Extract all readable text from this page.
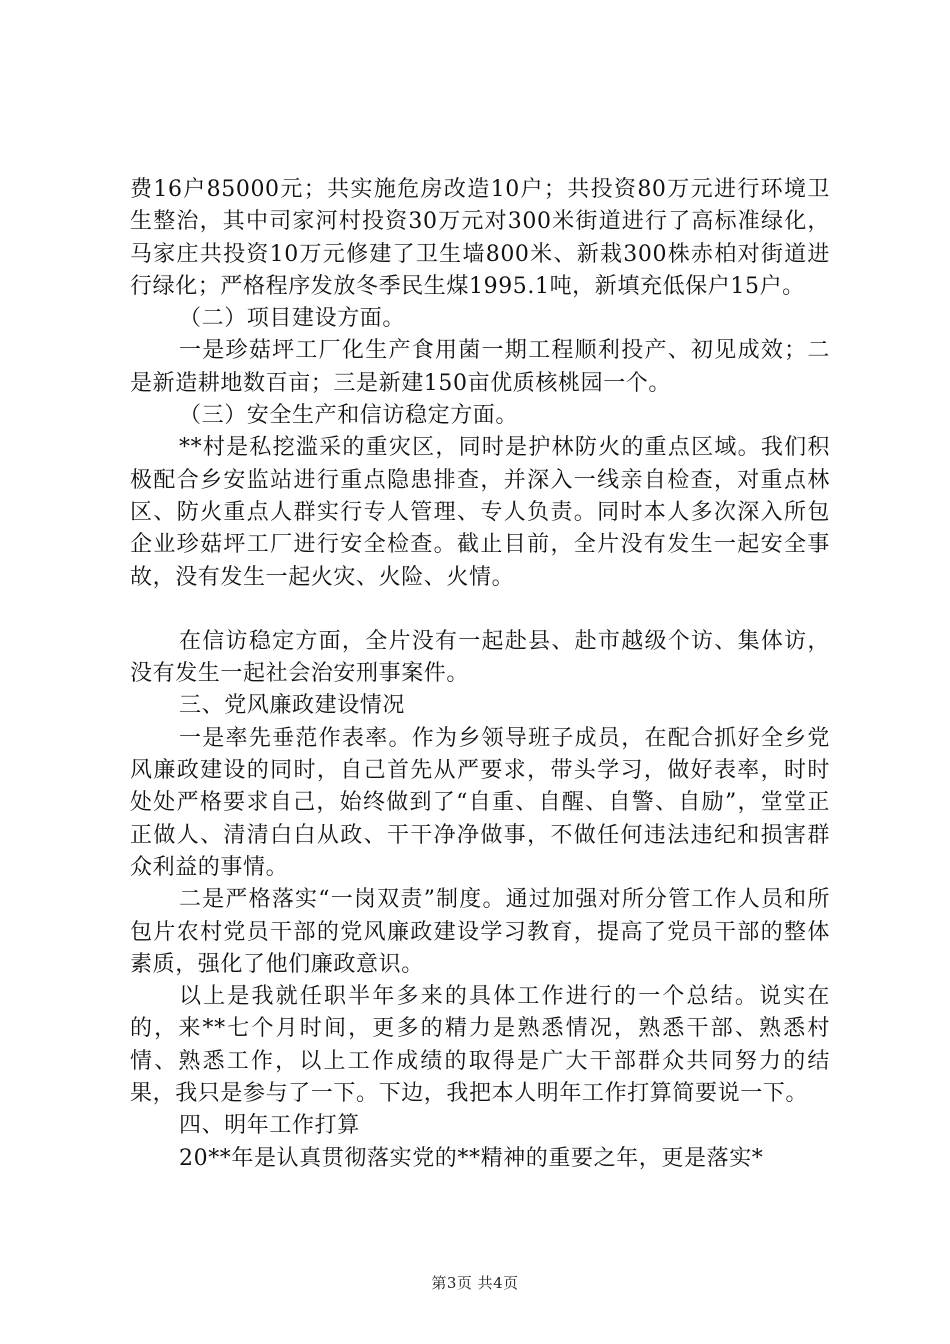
费16户85000元；共实施危房改造10户；共投资80万元进行环境卫生整治，其中司家河村投资30万元对300米街道进行了高标准绿化，马家庄共投资10万元修建了卫生墙800米、新栽300株赤柏对街道进行绿化；严格程序发放冬季民生煤1995.1吨，新填充低保户15户。

（二）项目建设方面。

一是珍菇坪工厂化生产食用菌一期工程顺利投产、初见成效；二是新造耕地数百亩；三是新建150亩优质核桃园一个。

（三）安全生产和信访稳定方面。

**村是私挖滥采的重灾区，同时是护林防火的重点区域。我们积极配合乡安监站进行重点隐患排查，并深入一线亲自检查，对重点林区、防火重点人群实行专人管理、专人负责。同时本人多次深入所包企业珍菇坪工厂进行安全检查。截止目前，全片没有发生一起安全事故，没有发生一起火灾、火险、火情。

在信访稳定方面，全片没有一起赴县、赴市越级个访、集体访，没有发生一起社会治安刑事案件。

三、党风廉政建设情况

一是率先垂范作表率。作为乡领导班子成员，在配合抓好全乡党风廉政建设的同时，自己首先从严要求，带头学习，做好表率，时时处处严格要求自己，始终做到了“自重、自醒、自警、自励”，堂堂正正做人、清清白白从政、干干净净做事，不做任何违法违纪和损害群众利益的事情。

二是严格落实“一岗双责”制度。通过加强对所分管工作人员和所包片农村党员干部的党风廉政建设学习教育，提高了党员干部的整体素质，强化了他们廉政意识。

以上是我就任职半年多来的具体工作进行的一个总结。说实在的，来**七个月时间，更多的精力是熟悉情况，熟悉干部、熟悉村情、熟悉工作，以上工作成绩的取得是广大干部群众共同努力的结果，我只是参与了一下。下边，我把本人明年工作打算简要说一下。

四、明年工作打算

20**年是认真贯彻落实党的**精神的重要之年，更是落实*

第3页 共4页
